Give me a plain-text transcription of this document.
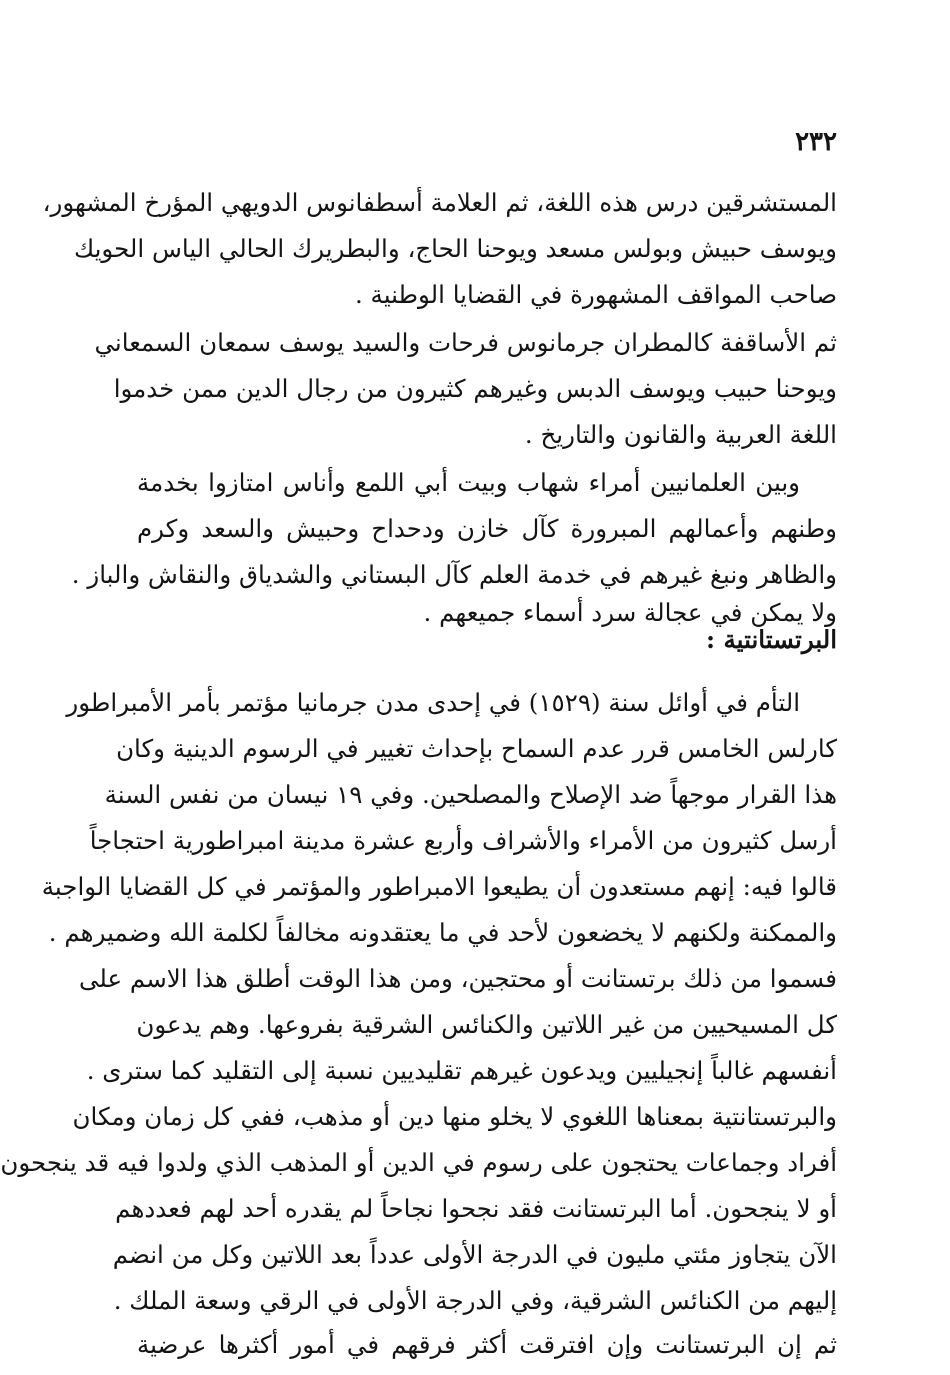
٢٣٢
المستشرقين درس هذه اللغة، ثم العلامة أسطفانوس الدويهي المؤرخ المشهور،
ويوسف حبيش وبولس مسعد ويوحنا الحاج، والبطريرك الحالي الياس الحويك
صاحب المواقف المشهورة في القضايا الوطنية .
ثم الأساقفة كالمطران جرمانوس فرحات والسيد يوسف سمعان السمعاني
ويوحنا حبيب ويوسف الدبس وغيرهم كثيرون من رجال الدين ممن خدموا
اللغة العربية والقانون والتاريخ .
وبين العلمانيين أمراء شهاب وبيت أبي اللمع وأناس امتازوا بخدمة
وطنهم وأعمالهم المبرورة كآل خازن ودحداح وحبيش والسعد وكرم
والظاهر ونبغ غيرهم في خدمة العلم كآل البستاني والشدياق والنقاش والباز .
البرتستانتية :
التأم في أوائل سنة (١٥٢٩) في إحدى مدن جرمانيا مؤتمر بأمر الأمبراطور
كارلس الخامس قرر عدم السماح بإحداث تغيير في الرسوم الدينية وكان
هذا القرار موجهاً ضد الإصلاح والمصلحين. وفي ١٩ نيسان من نفس السنة
أرسل كثيرون من الأمراء والأشراف وأربع عشرة مدينة امبراطورية احتجاجاً
قالوا فيه: إنهم مستعدون أن يطيعوا الامبراطور والمؤتمر في كل القضايا الواجبة
والممكنة ولكنهم لا يخضعون لأحد في ما يعتقدونه مخالفاً لكلمة الله وضميرهم .
فسموا من ذلك برتستانت أو محتجين، ومن هذا الوقت أطلق هذا الاسم على
كل المسيحيين من غير اللاتين والكنائس الشرقية بفروعها. وهم يدعون
أنفسهم غالباً إنجيليين ويدعون غيرهم تقليديين نسبة إلى التقليد كما سترى .
والبرتستانتية بمعناها اللغوي لا يخلو منها دين أو مذهب، ففي كل زمان ومكان
أفراد وجماعات يحتجون على رسوم في الدين أو المذهب الذي ولدوا فيه قد ينجحون
أو لا ينجحون. أما البرتستانت فقد نجحوا نجاحاً لم يقدره أحد لهم فعددهم
الآن يتجاوز مئتي مليون في الدرجة الأولى عدداً بعد اللاتين وكل من انضم
إليهم من الكنائس الشرقية، وفي الدرجة الأولى في الرقي وسعة الملك .
ثم إن البرتستانت وإن افترقت أكثر فرقهم في أمور أكثرها عرضية
ولا يمكن في عجالة سرد أسماء جميعهم .
